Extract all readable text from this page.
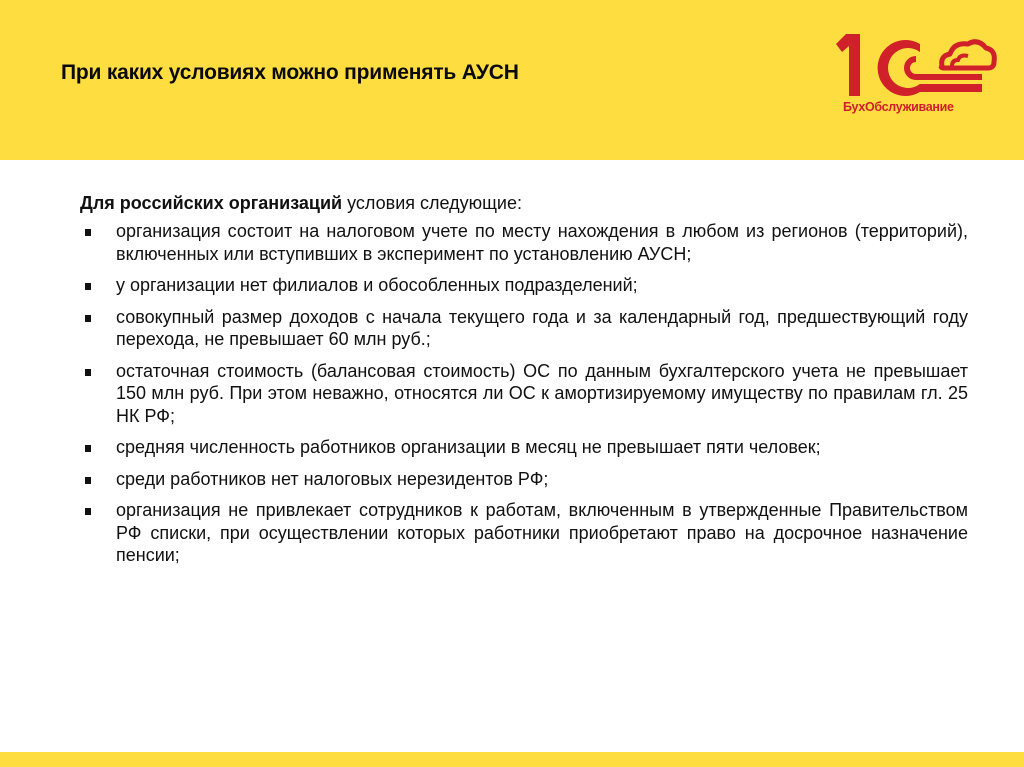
При каких условиях можно применять АУСН
БухОбслуживание

Для российских организаций условия следующие:

организация состоит на налоговом учете по месту нахождения в любом из регионов (территорий), включенных или вступивших в эксперимент по установлению АУСН;
у организации нет филиалов и обособленных подразделений;
совокупный размер доходов с начала текущего года и за календарный год, предшествующий году перехода, не превышает 60 млн руб.;
остаточная стоимость (балансовая стоимость) ОС по данным бухгалтерского учета не превышает 150 млн руб. При этом неважно, относятся ли ОС к амортизируемому имуществу по правилам гл. 25 НК РФ;
средняя численность работников организации в месяц не превышает пяти человек;
среди работников нет налоговых нерезидентов РФ;
организация не привлекает сотрудников к работам, включенным в утвержденные Правительством РФ списки, при осуществлении которых работники приобретают право на досрочное назначение пенсии;
